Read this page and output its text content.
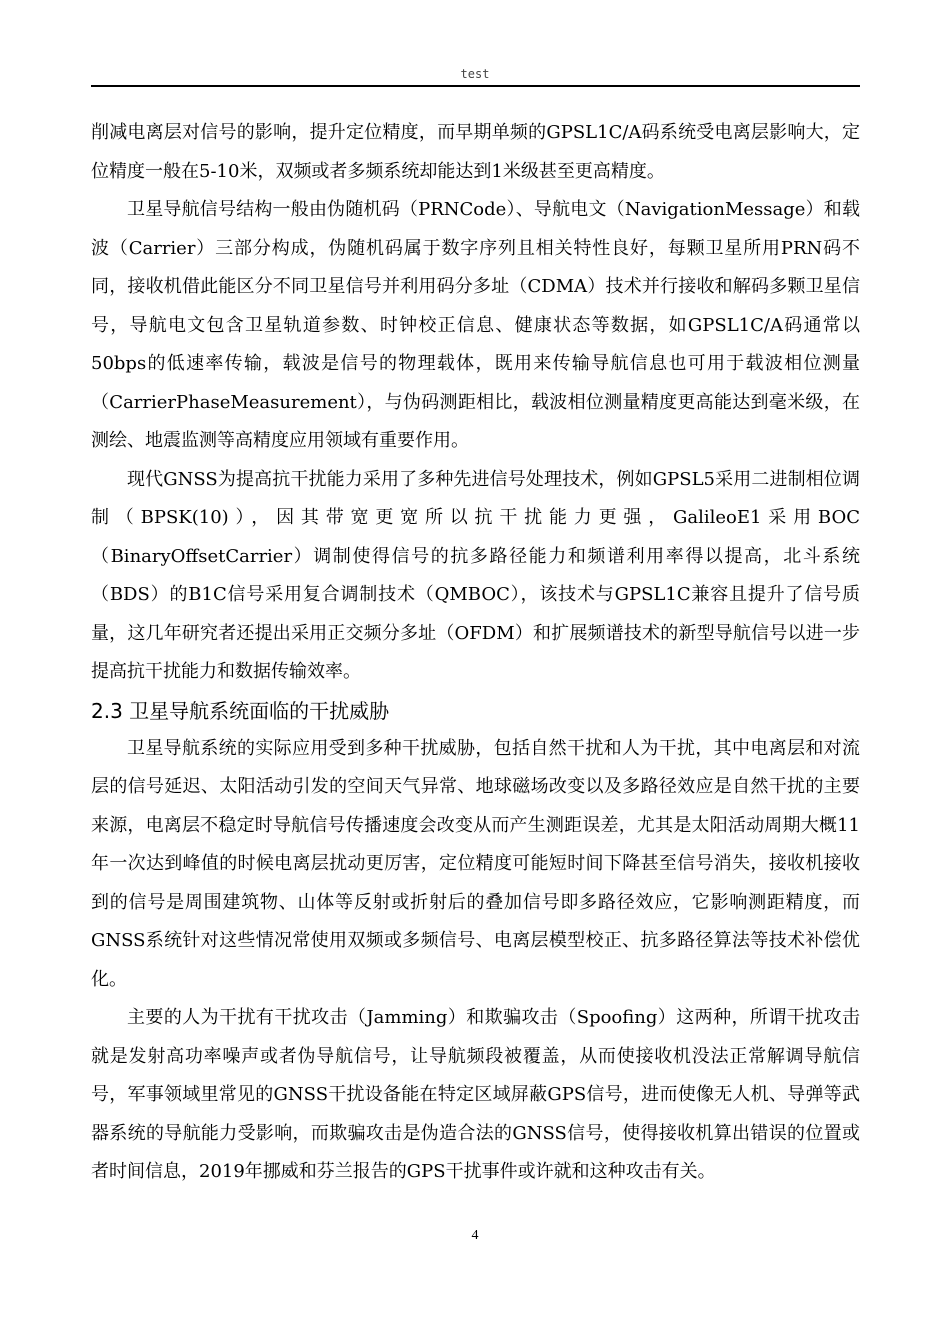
test

削减电离层对信号的影响，提升定位精度，而早期单频的GPSL1C/A码系统受电离层影响大，定位精度一般在5-10米，双频或者多频系统却能达到1米级甚至更高精度。

卫星导航信号结构一般由伪随机码（PRNCode）、导航电文（NavigationMessage）和载波（Carrier）三部分构成，伪随机码属于数字序列且相关特性良好，每颗卫星所用PRN码不同，接收机借此能区分不同卫星信号并利用码分多址（CDMA）技术并行接收和解码多颗卫星信号，导航电文包含卫星轨道参数、时钟校正信息、健康状态等数据，如GPSL1C/A码通常以50bps的低速率传输，载波是信号的物理载体，既用来传输导航信息也可用于载波相位测量（CarrierPhaseMeasurement），与伪码测距相比，载波相位测量精度更高能达到毫米级，在测绘、地震监测等高精度应用领域有重要作用。

现代GNSS为提高抗干扰能力采用了多种先进信号处理技术，例如GPSL5采用二进制相位调制（BPSK(10)），因其带宽更宽所以抗干扰能力更强，GalileoE1采用BOC（BinaryOffsetCarrier）调制使得信号的抗多路径能力和频谱利用率得以提高，北斗系统（BDS）的B1C信号采用复合调制技术（QMBOC），该技术与GPSL1C兼容且提升了信号质量，这几年研究者还提出采用正交频分多址（OFDM）和扩展频谱技术的新型导航信号以进一步提高抗干扰能力和数据传输效率。

2.3 卫星导航系统面临的干扰威胁

卫星导航系统的实际应用受到多种干扰威胁，包括自然干扰和人为干扰，其中电离层和对流层的信号延迟、太阳活动引发的空间天气异常、地球磁场改变以及多路径效应是自然干扰的主要来源，电离层不稳定时导航信号传播速度会改变从而产生测距误差，尤其是太阳活动周期大概11年一次达到峰值的时候电离层扰动更厉害，定位精度可能短时间下降甚至信号消失，接收机接收到的信号是周围建筑物、山体等反射或折射后的叠加信号即多路径效应，它影响测距精度，而GNSS系统针对这些情况常使用双频或多频信号、电离层模型校正、抗多路径算法等技术补偿优化。

主要的人为干扰有干扰攻击（Jamming）和欺骗攻击（Spoofing）这两种，所谓干扰攻击就是发射高功率噪声或者伪导航信号，让导航频段被覆盖，从而使接收机没法正常解调导航信号，军事领域里常见的GNSS干扰设备能在特定区域屏蔽GPS信号，进而使像无人机、导弹等武器系统的导航能力受影响，而欺骗攻击是伪造合法的GNSS信号，使得接收机算出错误的位置或者时间信息，2019年挪威和芬兰报告的GPS干扰事件或许就和这种攻击有关。

4
